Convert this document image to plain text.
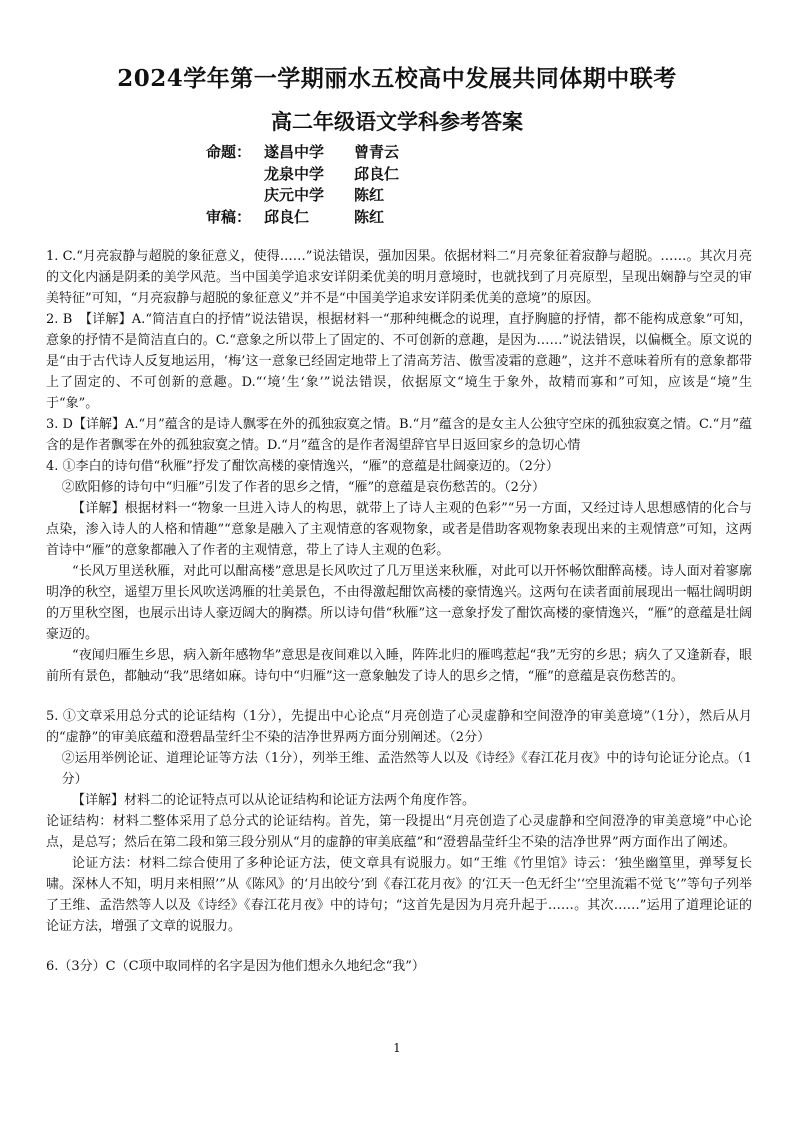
2024学年第一学期丽水五校高中发展共同体期中联考
高二年级语文学科参考答案
命题： 遂昌中学	曾青云
龙泉中学	邱良仁
庆元中学	陈红
审稿： 邱良仁	陈红

1. C.“月亮寂静与超脱的象征意义，使得……”说法错误，强加因果。依据材料二“月亮象征着寂静与超脱。……。其次月亮的文化内涵是阴柔的美学风范。当中国美学追求安详阴柔优美的明月意境时，也就找到了月亮原型，呈现出娴静与空灵的审美特征”可知，“月亮寂静与超脱的象征意义”并不是“中国美学追求安详阴柔优美的意境”的原因。

2. B　【详解】A.“简洁直白的抒情”说法错误，根据材料一“那种纯概念的说理，直抒胸臆的抒情，都不能构成意象”可知，意象的抒情不是简洁直白的。C.“意象之所以带上了固定的、不可创新的意趣，是因为……”说法错误，以偏概全。原文说的是“由于古代诗人反复地运用，‘梅’这一意象已经固定地带上了清高芳洁、傲雪凌霜的意趣”，这并不意味着所有的意象都带上了固定的、不可创新的意趣。D.“‘境’生‘象’”说法错误，依据原文“境生于象外，故精而寡和”可知，应该是“境”生于“象”。

3. D【详解】A.“月”蕴含的是诗人飘零在外的孤独寂寞之情。B.“月”蕴含的是女主人公独守空床的孤独寂寞之情。C.“月”蕴含的是作者飘零在外的孤独寂寞之情。D.“月”蕴含的是作者渴望辞官早日返回家乡的急切心情

4. ①李白的诗句借“秋雁”抒发了酣饮高楼的豪情逸兴，“雁”的意蕴是壮阔豪迈的。（2分）

②欧阳修的诗句中“归雁”引发了作者的思乡之情，“雁”的意蕴是哀伤愁苦的。（2分）

【详解】根据材料一“物象一旦进入诗人的构思，就带上了诗人主观的色彩”“另一方面，又经过诗人思想感情的化合与点染，渗入诗人的人格和情趣”“意象是融入了主观情意的客观物象，或者是借助客观物象表现出来的主观情意”可知，这两首诗中“雁”的意象都融入了作者的主观情意，带上了诗人主观的色彩。

“长风万里送秋雁，对此可以酣高楼”意思是长风吹过了几万里送来秋雁，对此可以开怀畅饮酣醉高楼。诗人面对着寥廓明净的秋空，遥望万里长风吹送鸿雁的壮美景色，不由得激起酣饮高楼的豪情逸兴。这两句在读者面前展现出一幅壮阔明朗的万里秋空图，也展示出诗人豪迈阔大的胸襟。所以诗句借“秋雁”这一意象抒发了酣饮高楼的豪情逸兴，“雁”的意蕴是壮阔豪迈的。

“夜闻归雁生乡思，病入新年感物华”意思是夜间难以入睡，阵阵北归的雁鸣惹起“我”无穷的乡思；病久了又逢新春，眼前所有景色，都触动“我”思绪如麻。诗句中“归雁”这一意象触发了诗人的思乡之情，“雁”的意蕴是哀伤愁苦的。

5. ①文章采用总分式的论证结构（1分），先提出中心论点“月亮创造了心灵虚静和空间澄净的审美意境”（1分），然后从月的“虚静”的审美底蕴和澄碧晶莹纤尘不染的洁净世界两方面分别阐述。（2分）

②运用举例论证、道理论证等方法（1分），列举王维、孟浩然等人以及《诗经》《春江花月夜》中的诗句论证分论点。（1分）

【详解】材料二的论证特点可以从论证结构和论证方法两个角度作答。

论证结构：材料二整体采用了总分式的论证结构。首先，第一段提出“月亮创造了心灵虚静和空间澄净的审美意境”中心论点，是总写；然后在第二段和第三段分别从“月的虚静的审美底蕴”和“澄碧晶莹纤尘不染的洁净世界”两方面作出了阐述。

论证方法：材料二综合使用了多种论证方法，使文章具有说服力。如“王维《竹里馆》诗云：‘独坐幽篁里，弹琴复长啸。深林人不知，明月来相照’”从《陈风》的‘月出皎兮’到《春江花月夜》的‘江天一色无纤尘’‘空里流霜不觉飞’”等句子列举了王维、孟浩然等人以及《诗经》《春江花月夜》中的诗句；“这首先是因为月亮升起于……。其次……”运用了道理论证的论证方法，增强了文章的说服力。

6.（3分）C（C项中取同样的名字是因为他们想永久地纪念“我”）

1
